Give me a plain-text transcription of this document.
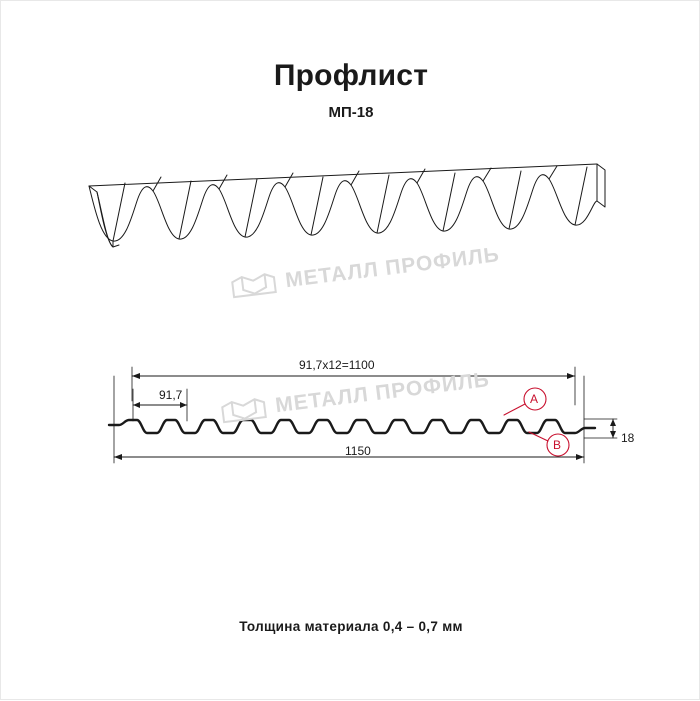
Профлист
МП-18
МЕТАЛЛ ПРОФИЛЬ
МЕТАЛЛ ПРОФИЛЬ
91,7х12=1100
91,7
1150
18
A
B
Толщина материала 0,4 – 0,7 мм
